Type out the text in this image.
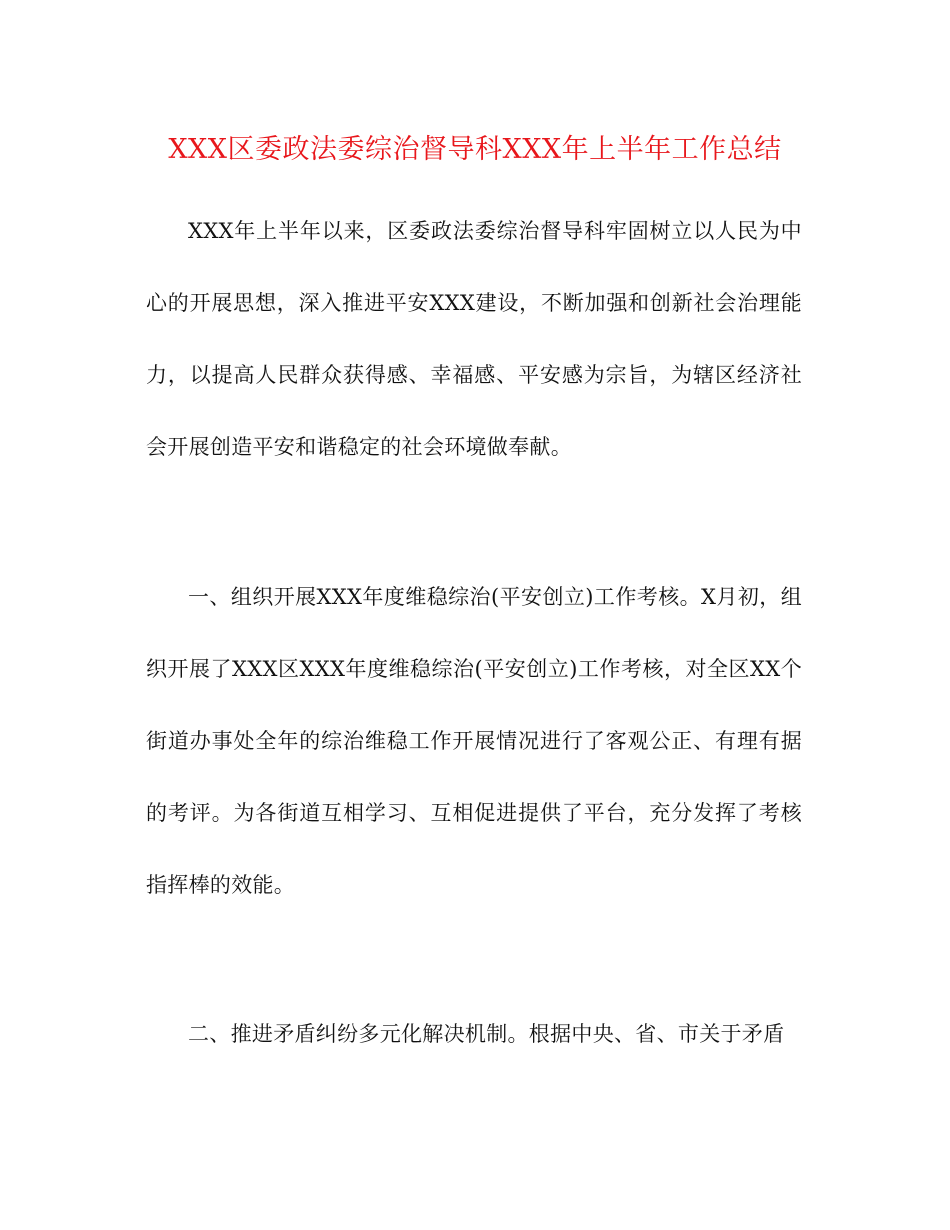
XXX区委政法委综治督导科XXX年上半年工作总结

XXX年上半年以来，区委政法委综治督导科牢固树立以人民为中心的开展思想，深入推进平安XXX建设，不断加强和创新社会治理能力，以提高人民群众获得感、幸福感、平安感为宗旨，为辖区经济社会开展创造平安和谐稳定的社会环境做奉献。

一、组织开展XXX年度维稳综治(平安创立)工作考核。X月初，组织开展了XXX区XXX年度维稳综治(平安创立)工作考核，对全区XX个街道办事处全年的综治维稳工作开展情况进行了客观公正、有理有据的考评。为各街道互相学习、互相促进提供了平台，充分发挥了考核指挥棒的效能。

二、推进矛盾纠纷多元化解决机制。根据中央、省、市关于矛盾
